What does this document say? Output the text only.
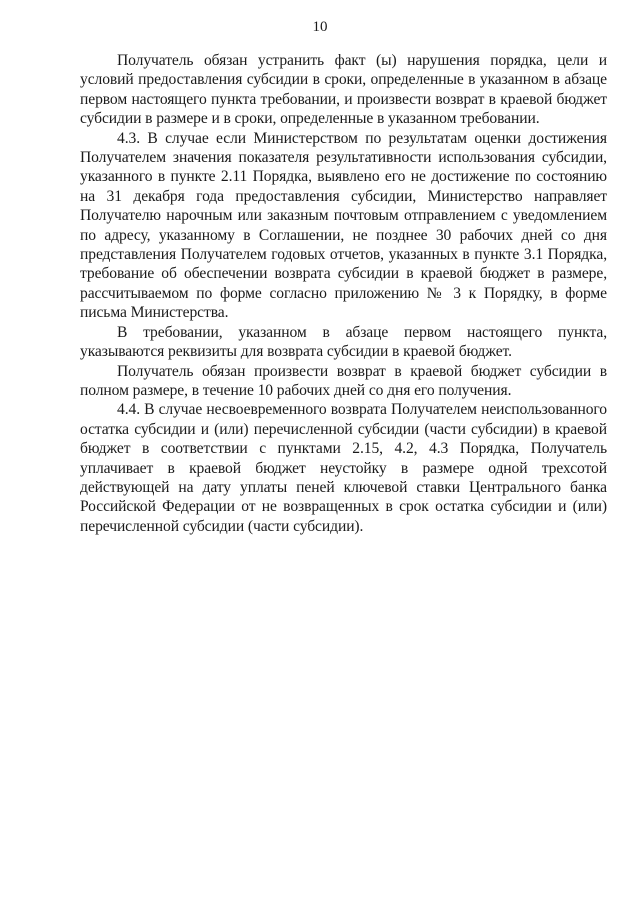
10

Получатель обязан устранить факт (ы) нарушения порядка, цели и условий предоставления субсидии в сроки, определенные в указанном в абзаце первом настоящего пункта требовании, и произвести возврат в краевой бюджет субсидии в размере и в сроки, определенные в указанном требовании.

4.3. В случае если Министерством по результатам оценки достижения Получателем значения показателя результативности использования субсидии, указанного в пункте 2.11 Порядка, выявлено его не достижение по состоянию на 31 декабря года предоставления субсидии, Министерство направляет Получателю нарочным или заказным почтовым отправлением с уведомлением по адресу, указанному в Соглашении, не позднее 30 рабочих дней со дня представления Получателем годовых отчетов, указанных в пункте 3.1 Порядка, требование об обеспечении возврата субсидии в краевой бюджет в размере, рассчитываемом по форме согласно приложению № 3 к Порядку, в форме письма Министерства.

В требовании, указанном в абзаце первом настоящего пункта, указываются реквизиты для возврата субсидии в краевой бюджет.

Получатель обязан произвести возврат в краевой бюджет субсидии в полном размере, в течение 10 рабочих дней со дня его получения.

4.4. В случае несвоевременного возврата Получателем неиспользованного остатка субсидии и (или) перечисленной субсидии (части субсидии) в краевой бюджет в соответствии с пунктами 2.15, 4.2, 4.3 Порядка, Получатель уплачивает в краевой бюджет неустойку в размере одной трехсотой действующей на дату уплаты пеней ключевой ставки Центрального банка Российской Федерации от не возвращенных в срок остатка субсидии и (или) перечисленной субсидии (части субсидии).
